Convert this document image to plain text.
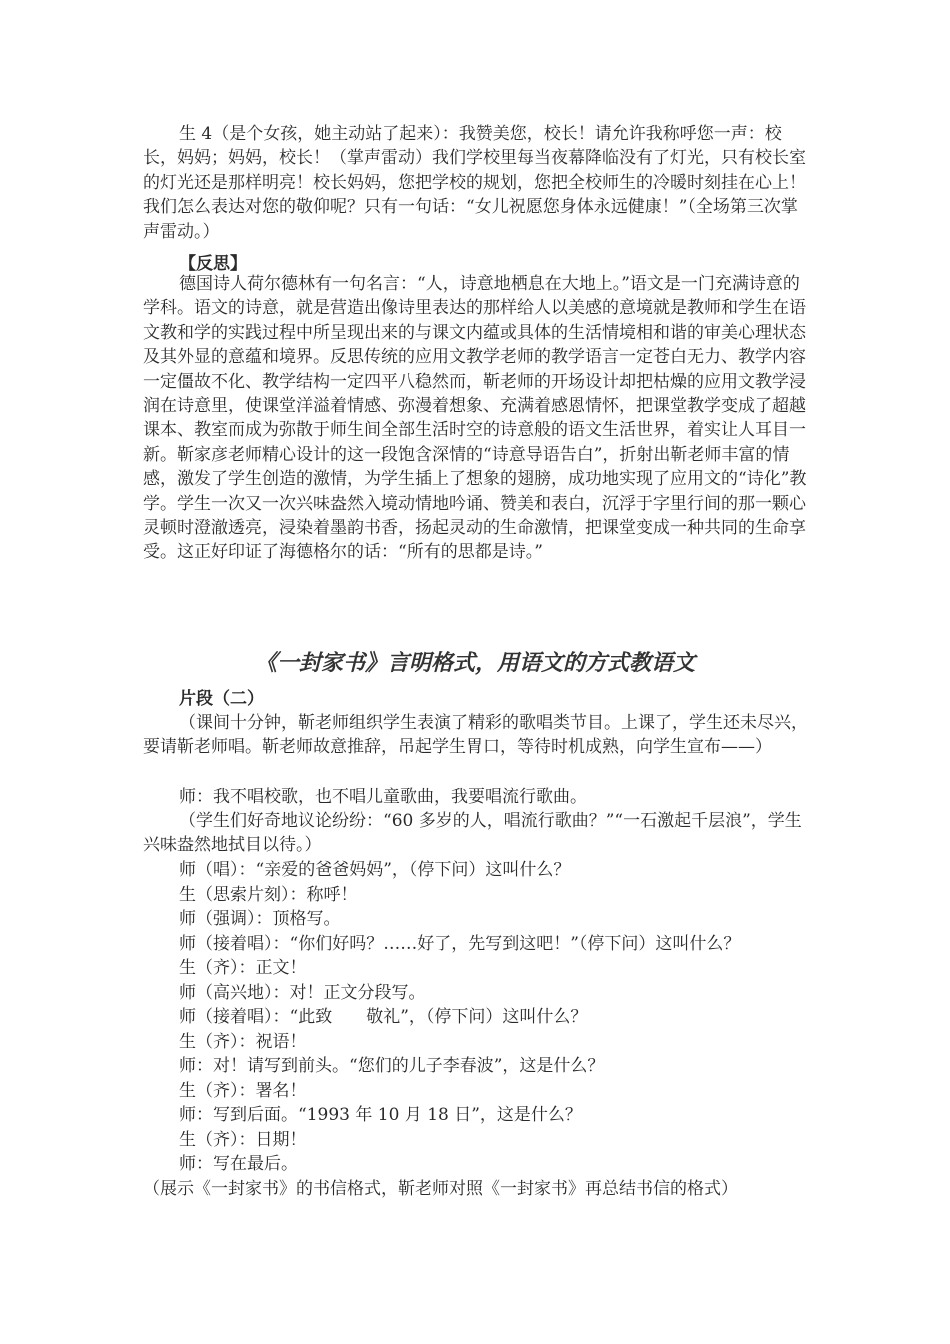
生 4（是个女孩，她主动站了起来）：我赞美您，校长！请允许我称呼您一声：校长，妈妈；妈妈，校长！（掌声雷动）我们学校里每当夜幕降临没有了灯光，只有校长室的灯光还是那样明亮！校长妈妈，您把学校的规划，您把全校师生的冷暖时刻挂在心上！我们怎么表达对您的敬仰呢？只有一句话：“女儿祝愿您身体永远健康！”（全场第三次掌声雷动。）

【反思】

德国诗人荷尔德林有一句名言：“人，诗意地栖息在大地上。”语文是一门充满诗意的学科。语文的诗意，就是营造出像诗里表达的那样给人以美感的意境就是教师和学生在语文教和学的实践过程中所呈现出来的与课文内蕴或具体的生活情境相和谐的审美心理状态及其外显的意蕴和境界。反思传统的应用文教学老师的教学语言一定苍白无力、教学内容一定僵故不化、教学结构一定四平八稳然而，靳老师的开场设计却把枯燥的应用文教学浸润在诗意里，使课堂洋溢着情感、弥漫着想象、充满着感恩情怀，把课堂教学变成了超越课本、教室而成为弥散于师生间全部生活时空的诗意般的语文生活世界，着实让人耳目一新。靳家彦老师精心设计的这一段饱含深情的“诗意导语告白”，折射出靳老师丰富的情感，激发了学生创造的激情，为学生插上了想象的翅膀，成功地实现了应用文的“诗化”教学。学生一次又一次兴味盎然入境动情地吟诵、赞美和表白，沉浮于字里行间的那一颗心灵顿时澄澈透亮，浸染着墨韵书香，扬起灵动的生命激情，把课堂变成一种共同的生命享受。这正好印证了海德格尔的话：“所有的思都是诗。”

《一封家书》言明格式，用语文的方式教语文

片段（二）

（课间十分钟，靳老师组织学生表演了精彩的歌唱类节目。上课了，学生还未尽兴，要请靳老师唱。靳老师故意推辞，吊起学生胃口，等待时机成熟，向学生宣布——）

师：我不唱校歌，也不唱儿童歌曲，我要唱流行歌曲。

（学生们好奇地议论纷纷：“60 多岁的人，唱流行歌曲？”“一石激起千层浪”，学生兴味盎然地拭目以待。）

师（唱）：“亲爱的爸爸妈妈”，（停下问）这叫什么？

生（思索片刻）：称呼！

师（强调）：顶格写。

师（接着唱）：“你们好吗？……好了，先写到这吧！”（停下问）这叫什么？

生（齐）：正文！

师（高兴地）：对！正文分段写。

师（接着唱）：“此致　　敬礼”，（停下问）这叫什么？

生（齐）：祝语！

师：对！请写到前头。“您们的儿子李春波”，这是什么？

生（齐）：署名！

师：写到后面。“1993 年 10 月 18 日”，这是什么？

生（齐）：日期！

师：写在最后。

（展示《一封家书》的书信格式，靳老师对照《一封家书》再总结书信的格式）
